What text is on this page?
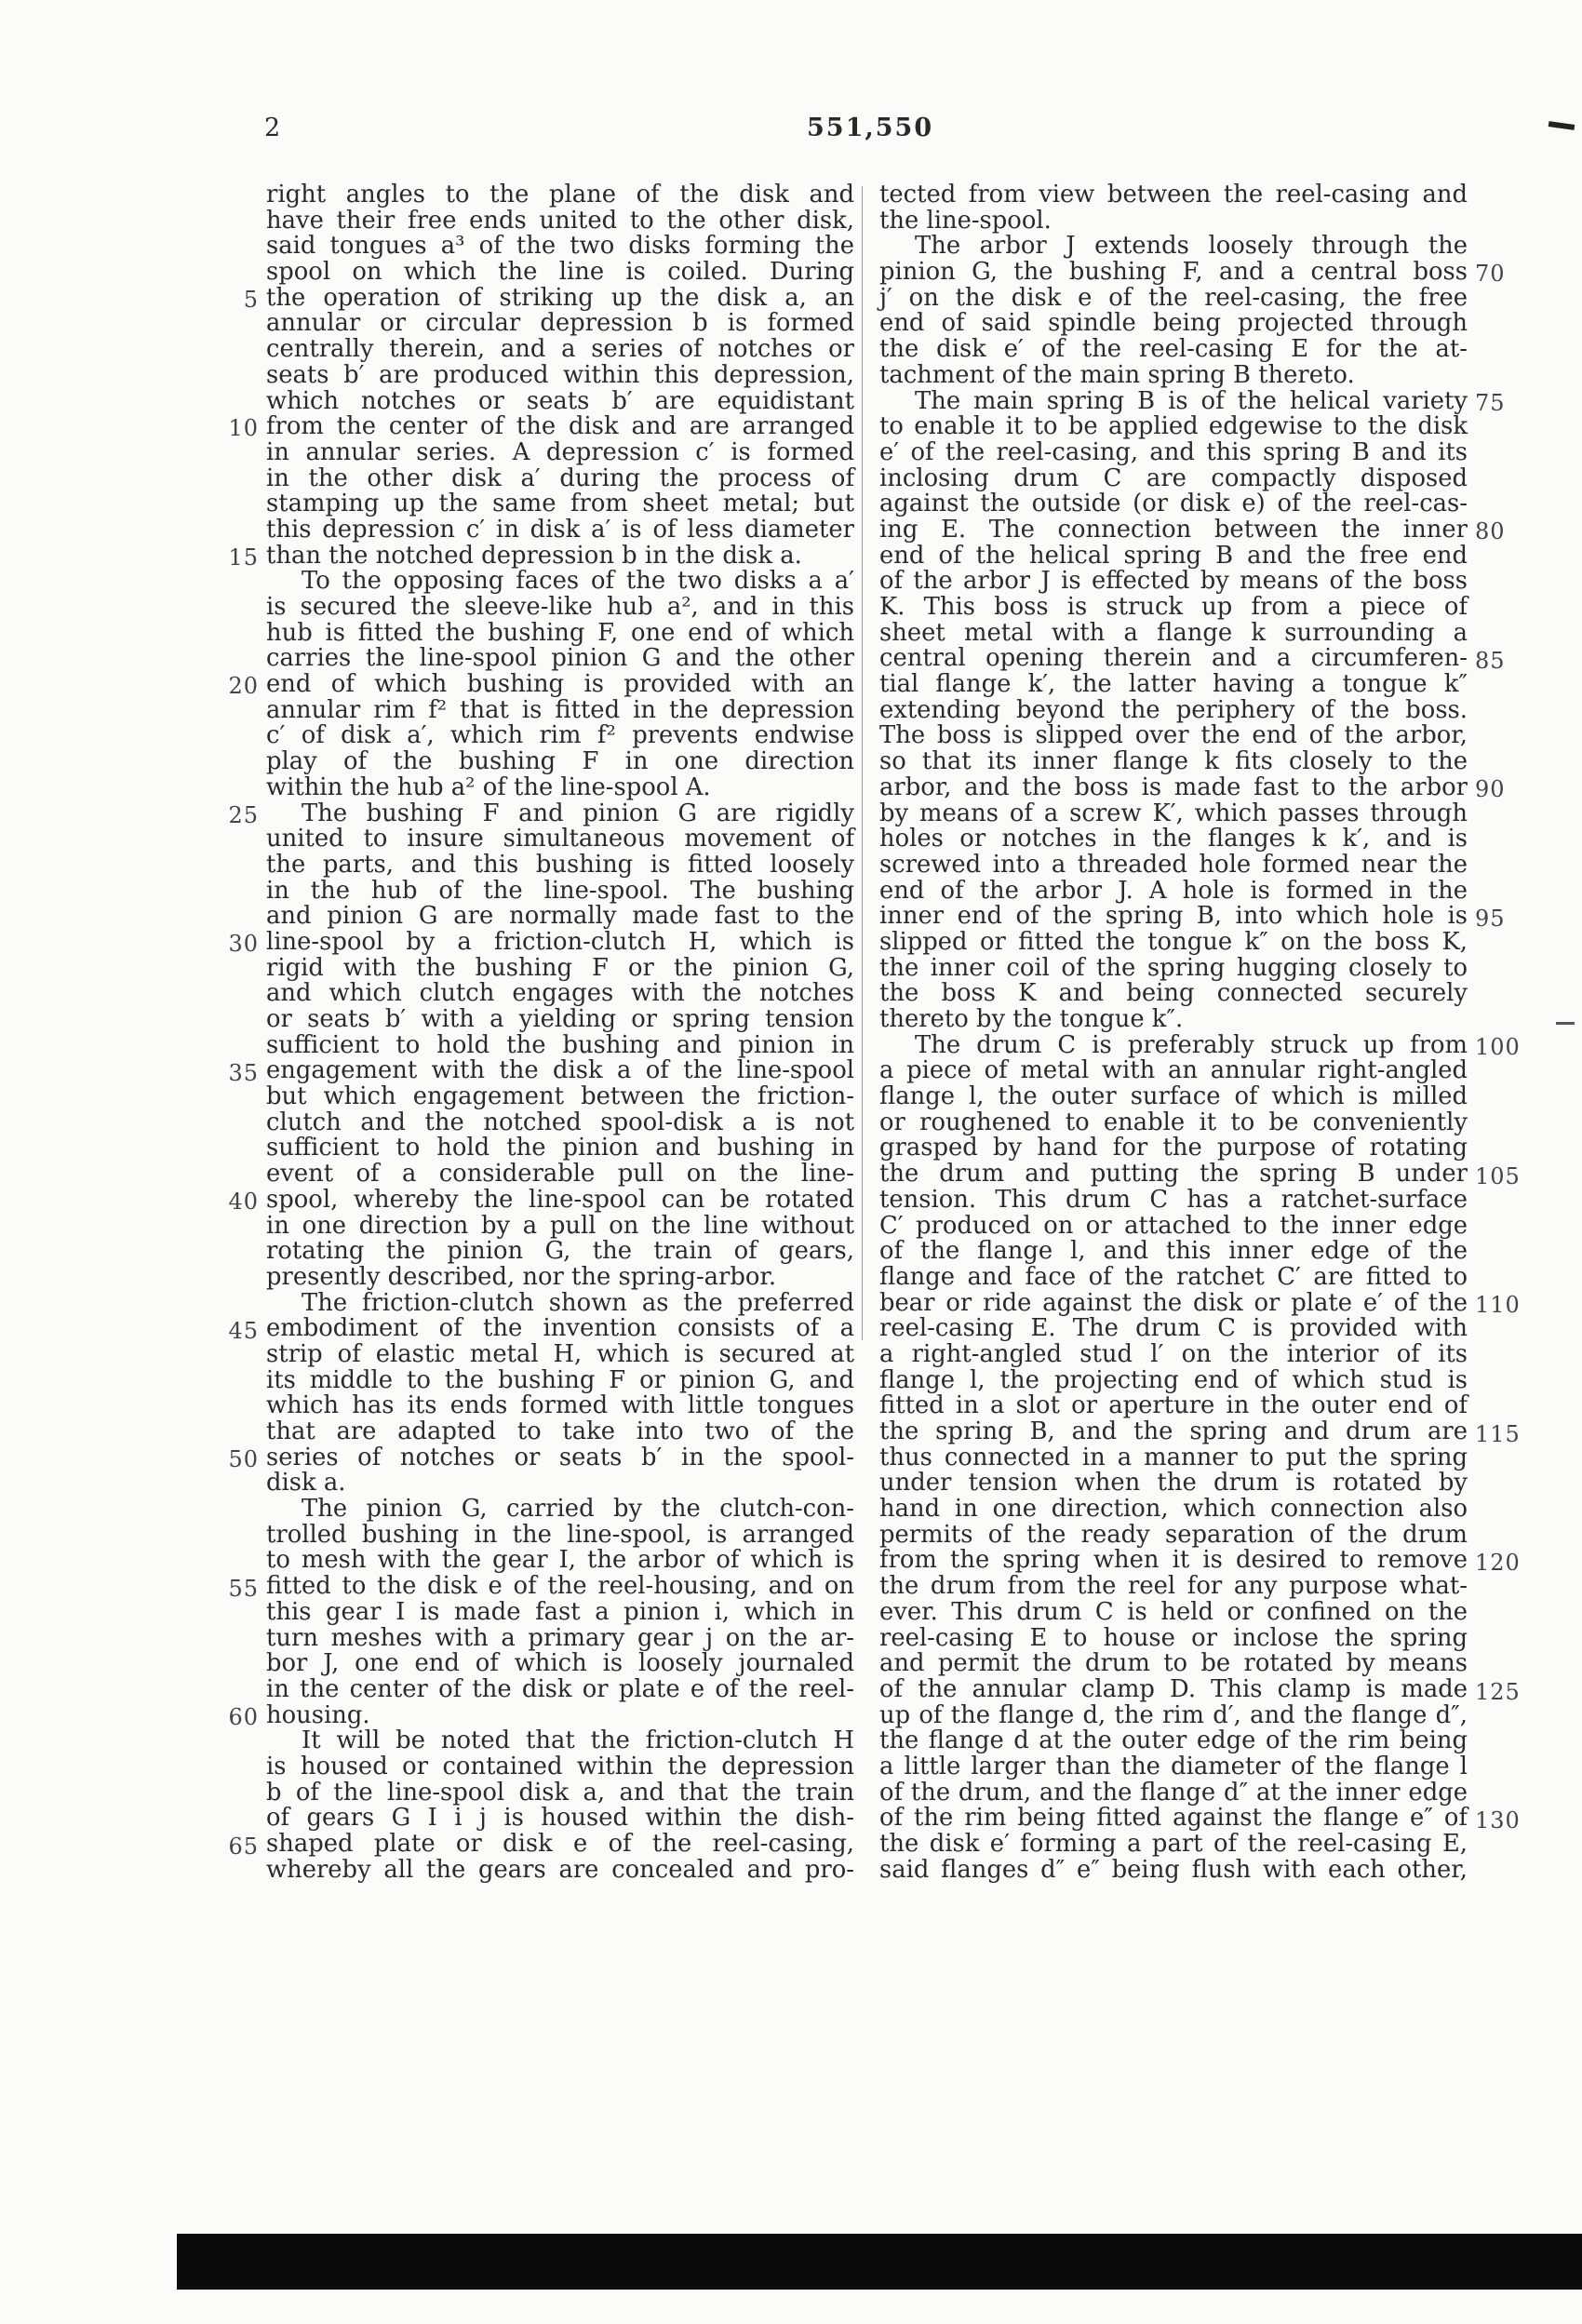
2	551,550
right angles to the plane of the disk and
have their free ends united to the other disk,
said tongues a³ of the two disks forming the
spool on which the line is coiled. During
the operation of striking up the disk a, an
annular or circular depression b is formed
centrally therein, and a series of notches or
seats b′ are produced within this depression,
which notches or seats b′ are equidistant
from the center of the disk and are arranged
in annular series. A depression c′ is formed
in the other disk a′ during the process of
stamping up the same from sheet metal; but
this depression c′ in disk a′ is of less diameter
than the notched depression b in the disk a.
To the opposing faces of the two disks a a′
is secured the sleeve-like hub a², and in this
hub is fitted the bushing F, one end of which
carries the line-spool pinion G and the other
end of which bushing is provided with an
annular rim f² that is fitted in the depression
c′ of disk a′, which rim f² prevents endwise
play of the bushing F in one direction
within the hub a² of the line-spool A.
The bushing F and pinion G are rigidly
united to insure simultaneous movement of
the parts, and this bushing is fitted loosely
in the hub of the line-spool. The bushing
and pinion G are normally made fast to the
line-spool by a friction-clutch H, which is
rigid with the bushing F or the pinion G,
and which clutch engages with the notches
or seats b′ with a yielding or spring tension
sufficient to hold the bushing and pinion in
engagement with the disk a of the line-spool
but which engagement between the friction-
clutch and the notched spool-disk a is not
sufficient to hold the pinion and bushing in
event of a considerable pull on the line-
spool, whereby the line-spool can be rotated
in one direction by a pull on the line without
rotating the pinion G, the train of gears,
presently described, nor the spring-arbor.
The friction-clutch shown as the preferred
embodiment of the invention consists of a
strip of elastic metal H, which is secured at
its middle to the bushing F or pinion G, and
which has its ends formed with little tongues
that are adapted to take into two of the
series of notches or seats b′ in the spool-
disk a.
The pinion G, carried by the clutch-con-
trolled bushing in the line-spool, is arranged
to mesh with the gear I, the arbor of which is
fitted to the disk e of the reel-housing, and on
this gear I is made fast a pinion i, which in
turn meshes with a primary gear j on the ar-
bor J, one end of which is loosely journaled
in the center of the disk or plate e of the reel-
housing.
It will be noted that the friction-clutch H
is housed or contained within the depression
b of the line-spool disk a, and that the train
of gears G I i j is housed within the dish-
shaped plate or disk e of the reel-casing,
whereby all the gears are concealed and pro-
tected from view between the reel-casing and
the line-spool.
The arbor J extends loosely through the
pinion G, the bushing F, and a central boss
j′ on the disk e of the reel-casing, the free
end of said spindle being projected through
the disk e′ of the reel-casing E for the at-
tachment of the main spring B thereto.
The main spring B is of the helical variety
to enable it to be applied edgewise to the disk
e′ of the reel-casing, and this spring B and its
inclosing drum C are compactly disposed
against the outside (or disk e) of the reel-cas-
ing E. The connection between the inner
end of the helical spring B and the free end
of the arbor J is effected by means of the boss
K. This boss is struck up from a piece of
sheet metal with a flange k surrounding a
central opening therein and a circumferen-
tial flange k′, the latter having a tongue k″
extending beyond the periphery of the boss.
The boss is slipped over the end of the arbor,
so that its inner flange k fits closely to the
arbor, and the boss is made fast to the arbor
by means of a screw K′, which passes through
holes or notches in the flanges k k′, and is
screwed into a threaded hole formed near the
end of the arbor J. A hole is formed in the
inner end of the spring B, into which hole is
slipped or fitted the tongue k″ on the boss K,
the inner coil of the spring hugging closely to
the boss K and being connected securely
thereto by the tongue k″.
The drum C is preferably struck up from
a piece of metal with an annular right-angled
flange l, the outer surface of which is milled
or roughened to enable it to be conveniently
grasped by hand for the purpose of rotating
the drum and putting the spring B under
tension. This drum C has a ratchet-surface
C′ produced on or attached to the inner edge
of the flange l, and this inner edge of the
flange and face of the ratchet C′ are fitted to
bear or ride against the disk or plate e′ of the
reel-casing E. The drum C is provided with
a right-angled stud l′ on the interior of its
flange l, the projecting end of which stud is
fitted in a slot or aperture in the outer end of
the spring B, and the spring and drum are
thus connected in a manner to put the spring
under tension when the drum is rotated by
hand in one direction, which connection also
permits of the ready separation of the drum
from the spring when it is desired to remove
the drum from the reel for any purpose what-
ever. This drum C is held or confined on the
reel-casing E to house or inclose the spring
and permit the drum to be rotated by means
of the annular clamp D. This clamp is made
up of the flange d, the rim d′, and the flange d″,
the flange d at the outer edge of the rim being
a little larger than the diameter of the flange l
of the drum, and the flange d″ at the inner edge
of the rim being fitted against the flange e″ of
the disk e′ forming a part of the reel-casing E,
said flanges d″ e″ being flush with each other,
5
10
15
20
25
30
35
40
45
50
55
60
65
70
75
80
85
90
95
100
105
110
115
120
125
130
